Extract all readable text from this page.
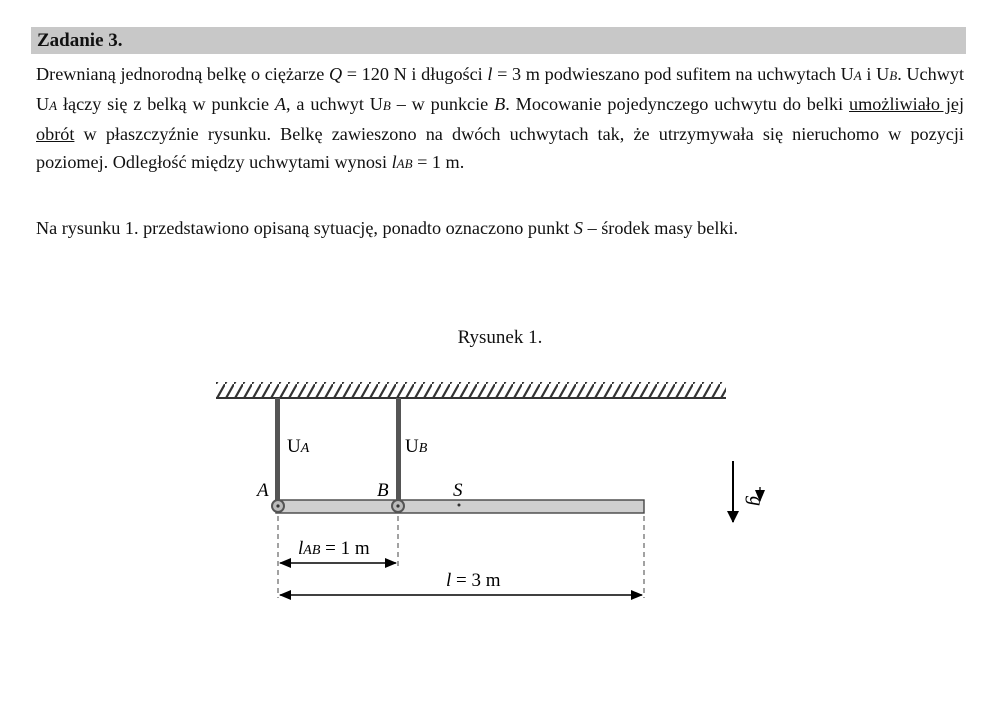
Zadanie 3.

Drewnianą jednorodną belkę o ciężarze Q = 120 N i długości l = 3 m podwieszano pod sufitem na uchwytach UA i UB. Uchwyt UA łączy się z belką w punkcie A, a uchwyt UB – w punkcie B. Mocowanie pojedynczego uchwytu do belki umożliwiało jej obrót w płaszczyźnie rysunku. Belkę zawieszono na dwóch uchwytach tak, że utrzymywała się nieruchomo w pozycji poziomej. Odległość między uchwytami wynosi lAB = 1 m.

Na rysunku 1. przedstawiono opisaną sytuację, ponadto oznaczono punkt S – środek masy belki.

Rysunek 1.
UA	UB
A	B	S	g
lAB = 1 m
l = 3 m
